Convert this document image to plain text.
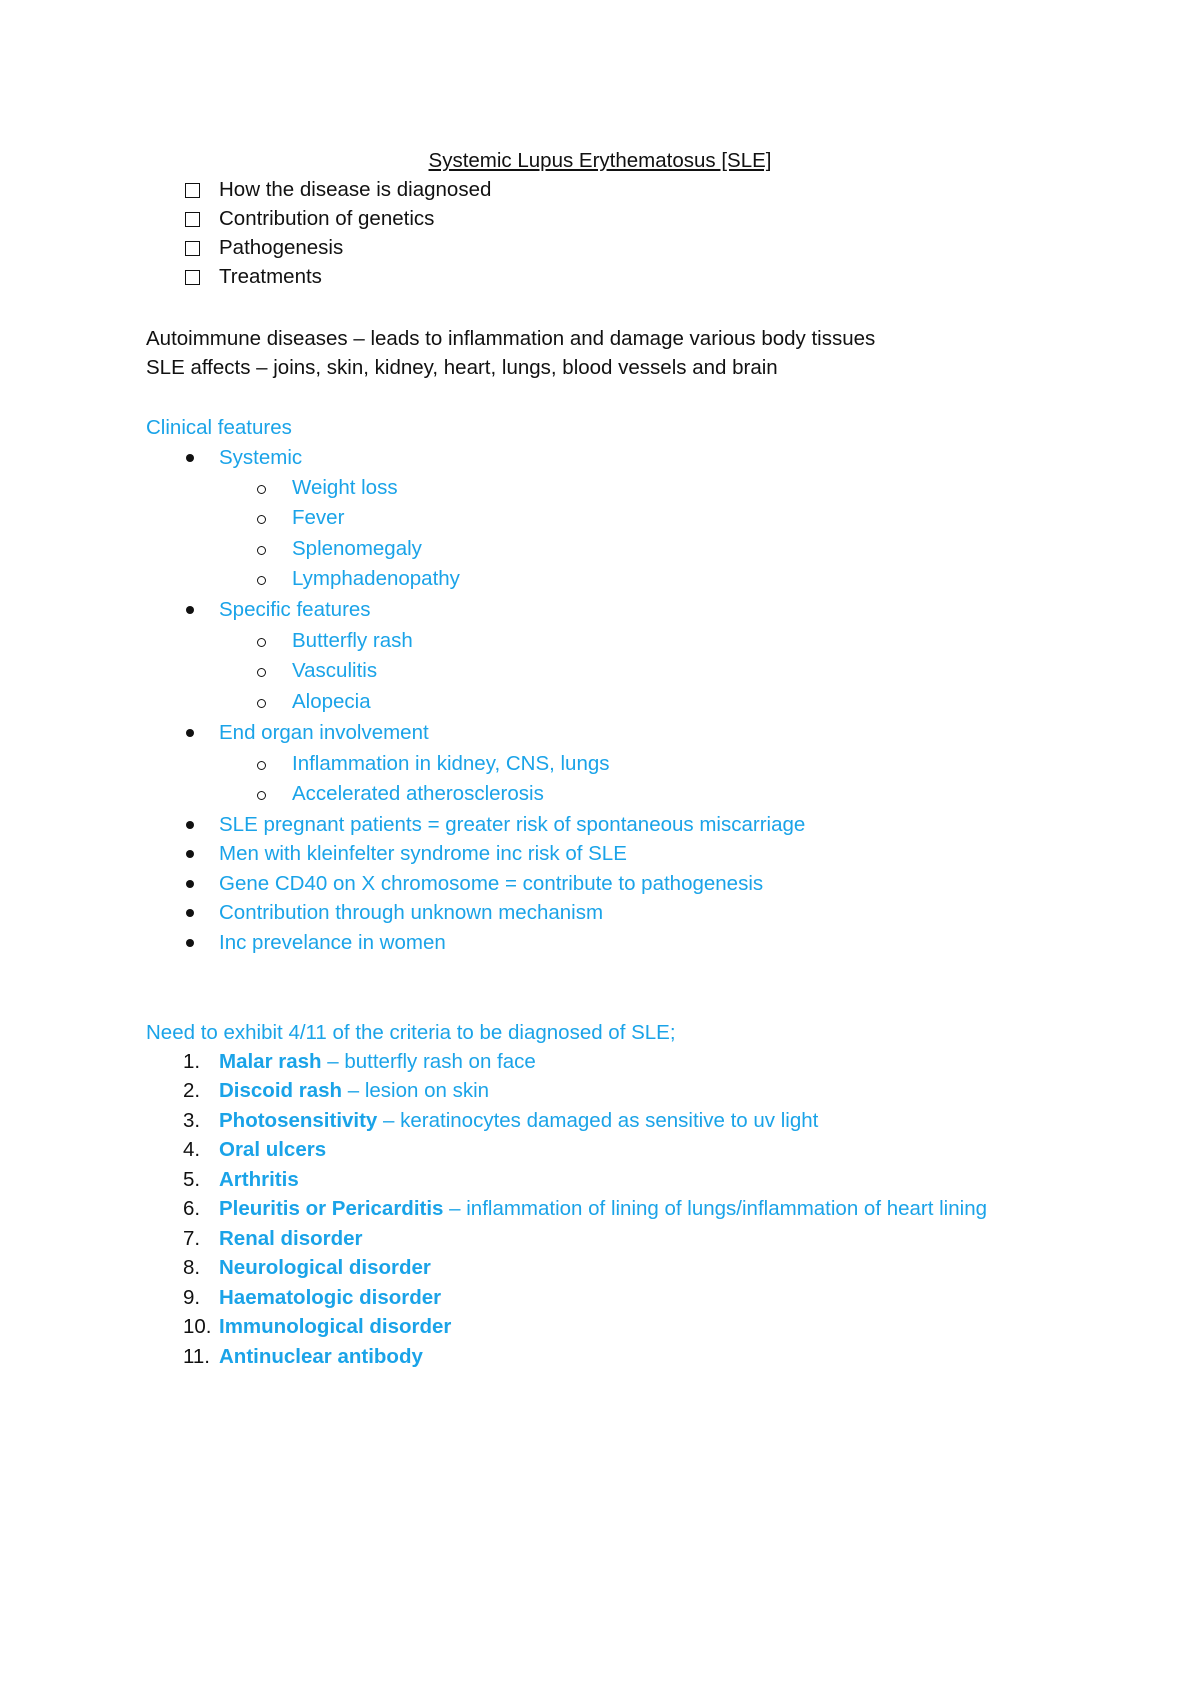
Systemic Lupus Erythematosus [SLE]
How the disease is diagnosed
Contribution of genetics
Pathogenesis
Treatments
Autoimmune diseases – leads to inflammation and damage various body tissues
SLE affects – joins, skin, kidney, heart, lungs, blood vessels and brain
Clinical features
Systemic
Weight loss
Fever
Splenomegaly
Lymphadenopathy
Specific features
Butterfly rash
Vasculitis
Alopecia
End organ involvement
Inflammation in kidney, CNS, lungs
Accelerated atherosclerosis
SLE pregnant patients = greater risk of spontaneous miscarriage
Men with kleinfelter syndrome inc risk of SLE
Gene CD40 on X chromosome = contribute to pathogenesis
Contribution through unknown mechanism
Inc prevelance in women
Need to exhibit 4/11 of the criteria to be diagnosed of SLE;
1. Malar rash – butterfly rash on face
2. Discoid rash – lesion on skin
3. Photosensitivity – keratinocytes damaged as sensitive to uv light
4. Oral ulcers
5. Arthritis
6. Pleuritis or Pericarditis – inflammation of lining of lungs/inflammation of heart lining
7. Renal disorder
8. Neurological disorder
9. Haematologic disorder
10. Immunological disorder
11. Antinuclear antibody
